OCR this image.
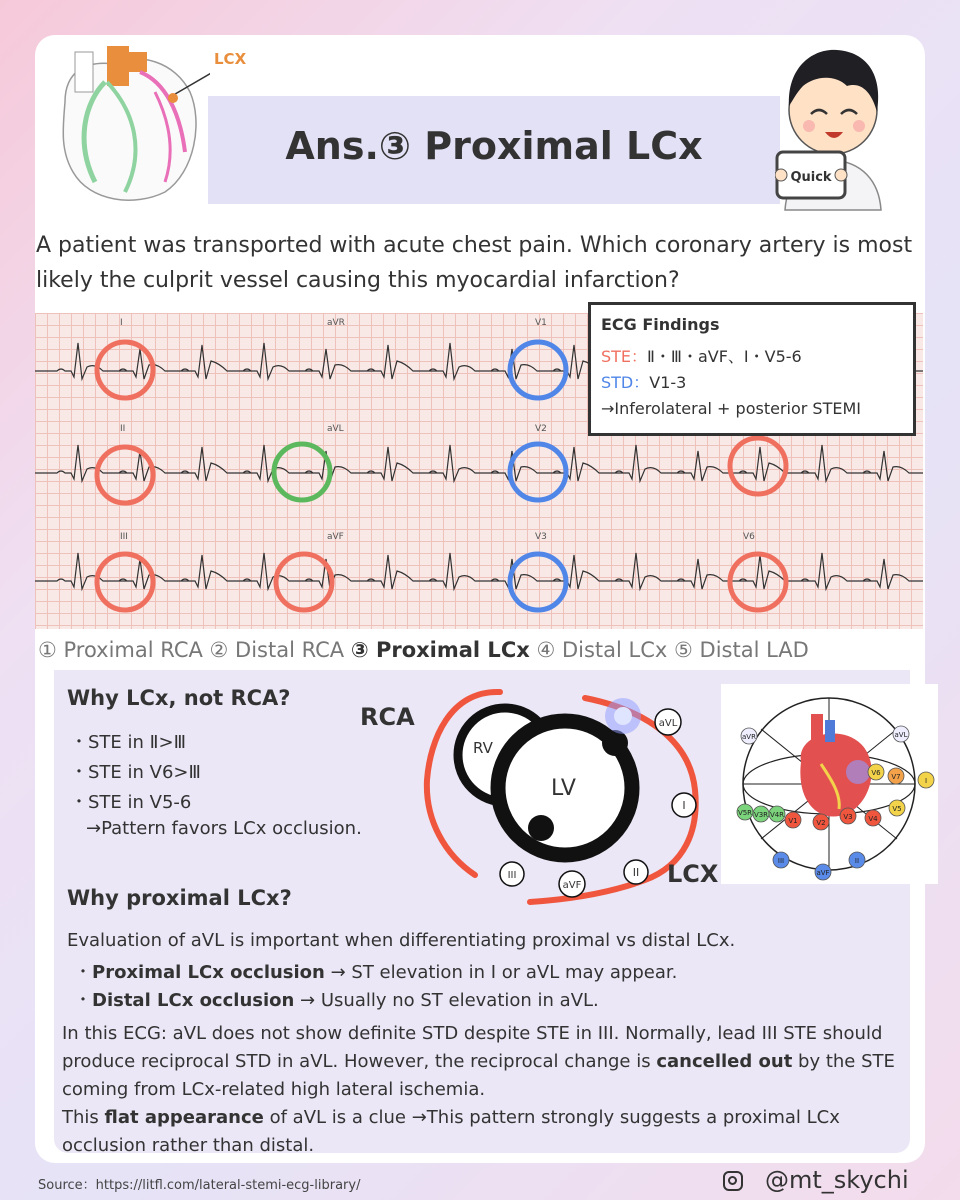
LCX
Ans.③ Proximal LCx
Quick
A patient was transported with acute chest pain. Which coronary artery is most likely the culprit vessel causing this myocardial infarction?
I	aVR	V1
II	aVL	V2
III	aVF	V3	V6
ECG Findings
STE：Ⅱ・Ⅲ・aVF、Ⅰ・V5-6
STD：V1-3
→Inferolateral + posterior STEMI
① Proximal RCA ② Distal RCA ③ Proximal LCx ④ Distal LCx ⑤ Distal LAD
Why LCx, not RCA?
・STE in Ⅱ>Ⅲ
・STE in V6>Ⅲ
・STE in V5-6
→Pattern favors LCx occlusion.
RCA
LCX
RV
LV
aVL
I
II
aVF
III
aVR	aVL
V6 V7	I
V5
V4
V3
V2
V1
V4R
V3R
V5R
III
aVF
II
Why proximal LCx?
Evaluation of aVL is important when differentiating proximal vs distal LCx.
・Proximal LCx occlusion → ST elevation in I or aVL may appear.
・Distal LCx occlusion → Usually no ST elevation in aVL.
In this ECG: aVL does not show definite STD despite STE in III. Normally, lead III STE should produce reciprocal STD in aVL. However, the reciprocal change is cancelled out by the STE coming from LCx-related high lateral ischemia.
This flat appearance of aVL is a clue →This pattern strongly suggests a proximal LCx occlusion rather than distal.
Source：https://litfl.com/lateral-stemi-ecg-library/	@mt_skychi
